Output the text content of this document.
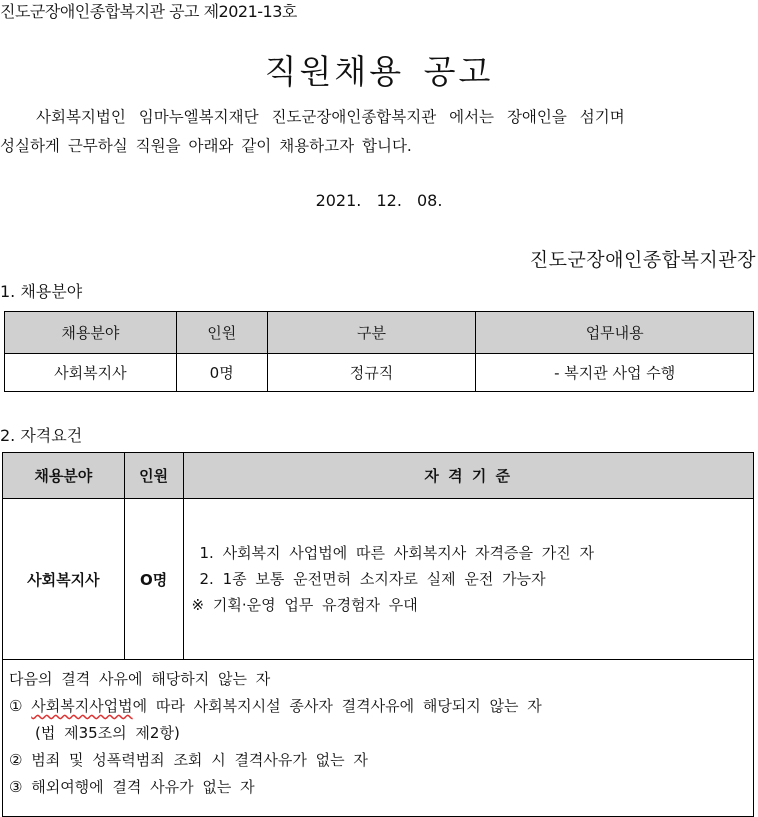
진도군장애인종합복지관 공고 제2021-13호
직원채용 공고
사회복지법인 임마누엘복지재단 진도군장애인종합복지관 에서는 장애인을 섬기며
성실하게 근무하실 직원을 아래와 같이 채용하고자 합니다.
2021. 12. 08.
진도군장애인종합복지관장
1. 채용분야
채용분야	인원	구분	업무내용
사회복지사	0명	정규직	- 복지관 사업 수행
2. 자격요건
채용분야	인원	자 격 기 준
사회복지사	O명	1. 사회복지 사업법에 따른 사회복지사 자격증을 가진 자
2. 1종 보통 운전면허 소지자로 실제 운전 가능자
※ 기획·운영 업무 유경험자 우대

다음의 결격 사유에 해당하지 않는 자
① 사회복지사업법에 따라 사회복지시설 종사자 결격사유에 해당되지 않는 자
(법 제35조의 제2항)
② 범죄 및 성폭력범죄 조회 시 결격사유가 없는 자
③ 해외여행에 결격 사유가 없는 자		
